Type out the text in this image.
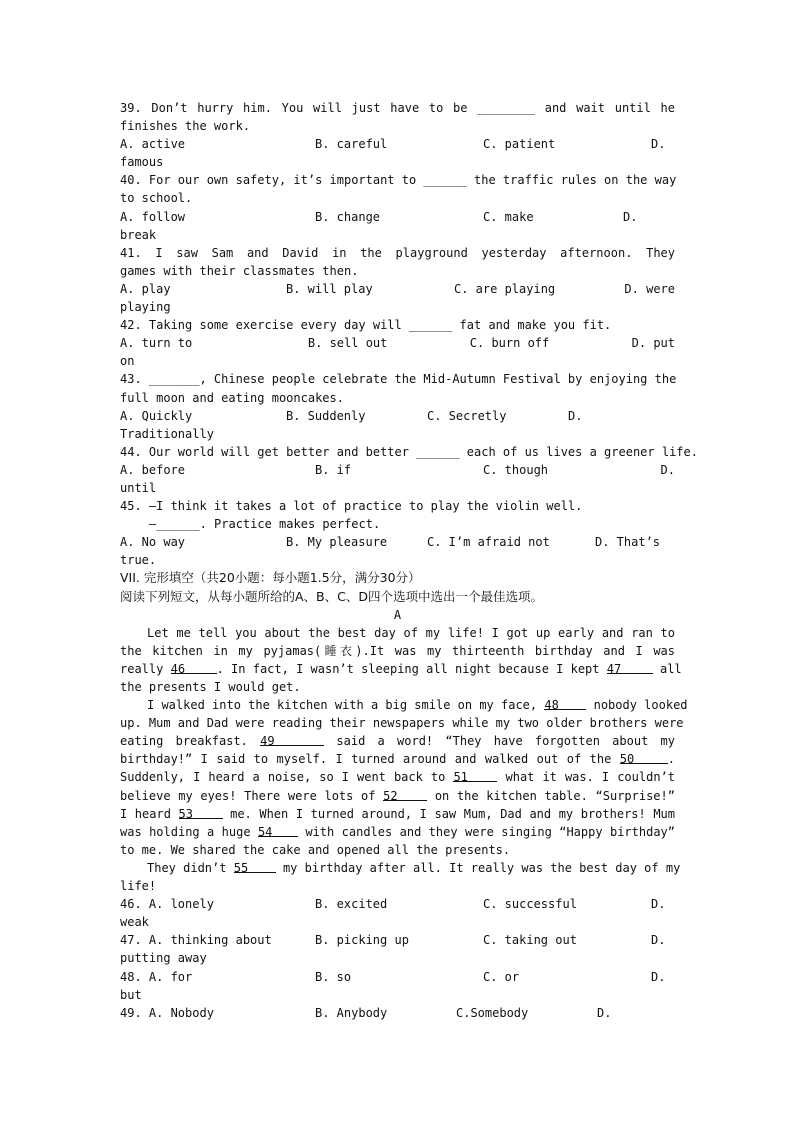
39. Don’t hurry him. You will just have to be ________ and wait until he
finishes the work.
A. active	B. careful	C. patient	D.
famous
40. For our own safety, it’s important to ______ the traffic rules on the way
to school.
A. follow	B. change	C. make	D.
break
41. I saw Sam and David in the playground yesterday afternoon. They
games with their classmates then.
A. play	B. will play	C. are playing	D. were
playing
42. Taking some exercise every day will ______ fat and make you fit.
A. turn to	B. sell out	C. burn off	D. put
on
43. _______, Chinese people celebrate the Mid-Autumn Festival by enjoying the
full moon and eating mooncakes.
A. Quickly	B. Suddenly	C. Secretly	D.
Traditionally
44. Our world will get better and better ______ each of us lives a greener life.
A. before	B. if	C. though	D.
until
45. —I think it takes a lot of practice to play the violin well.
—______. Practice makes perfect.
A. No way	B. My pleasure	C. I’m afraid not	D. That’s
true.
VII. 完形填空（共20小题：每小题1.5分，满分30分）
阅读下列短文，从每小题所给的A、B、C、D四个选项中选出一个最佳选项。
A
Let me tell you about the best day of my life! I got up early and ran to
the kitchen in my pyjamas(睡衣).It was my thirteenth birthday and I was
really 46	. In fact, I wasn’t sleeping all night because I kept 47	all
the presents I would get.
I walked into the kitchen with a big smile on my face, 48	nobody looked
up. Mum and Dad were reading their newspapers while my two older brothers were
eating breakfast. 49	said a word! “They have forgotten about my
birthday!” I said to myself. I turned around and walked out of the 50	.
Suddenly, I heard a noise, so I went back to 51	what it was. I couldn’t
believe my eyes! There were lots of 52	on the kitchen table. “Surprise!”
I heard 53	me. When I turned around, I saw Mum, Dad and my brothers! Mum
was holding a huge 54	with candles and they were singing “Happy birthday”
to me. We shared the cake and opened all the presents.
They didn’t 55	my birthday after all. It really was the best day of my
life!
46. A. lonely	B. excited	C. successful	D.
weak
47. A. thinking about	B. picking up	C. taking out	D.
putting away
48. A. for	B. so	C. or	D.
but
49. A. Nobody	B. Anybody	C.Somebody	D.
